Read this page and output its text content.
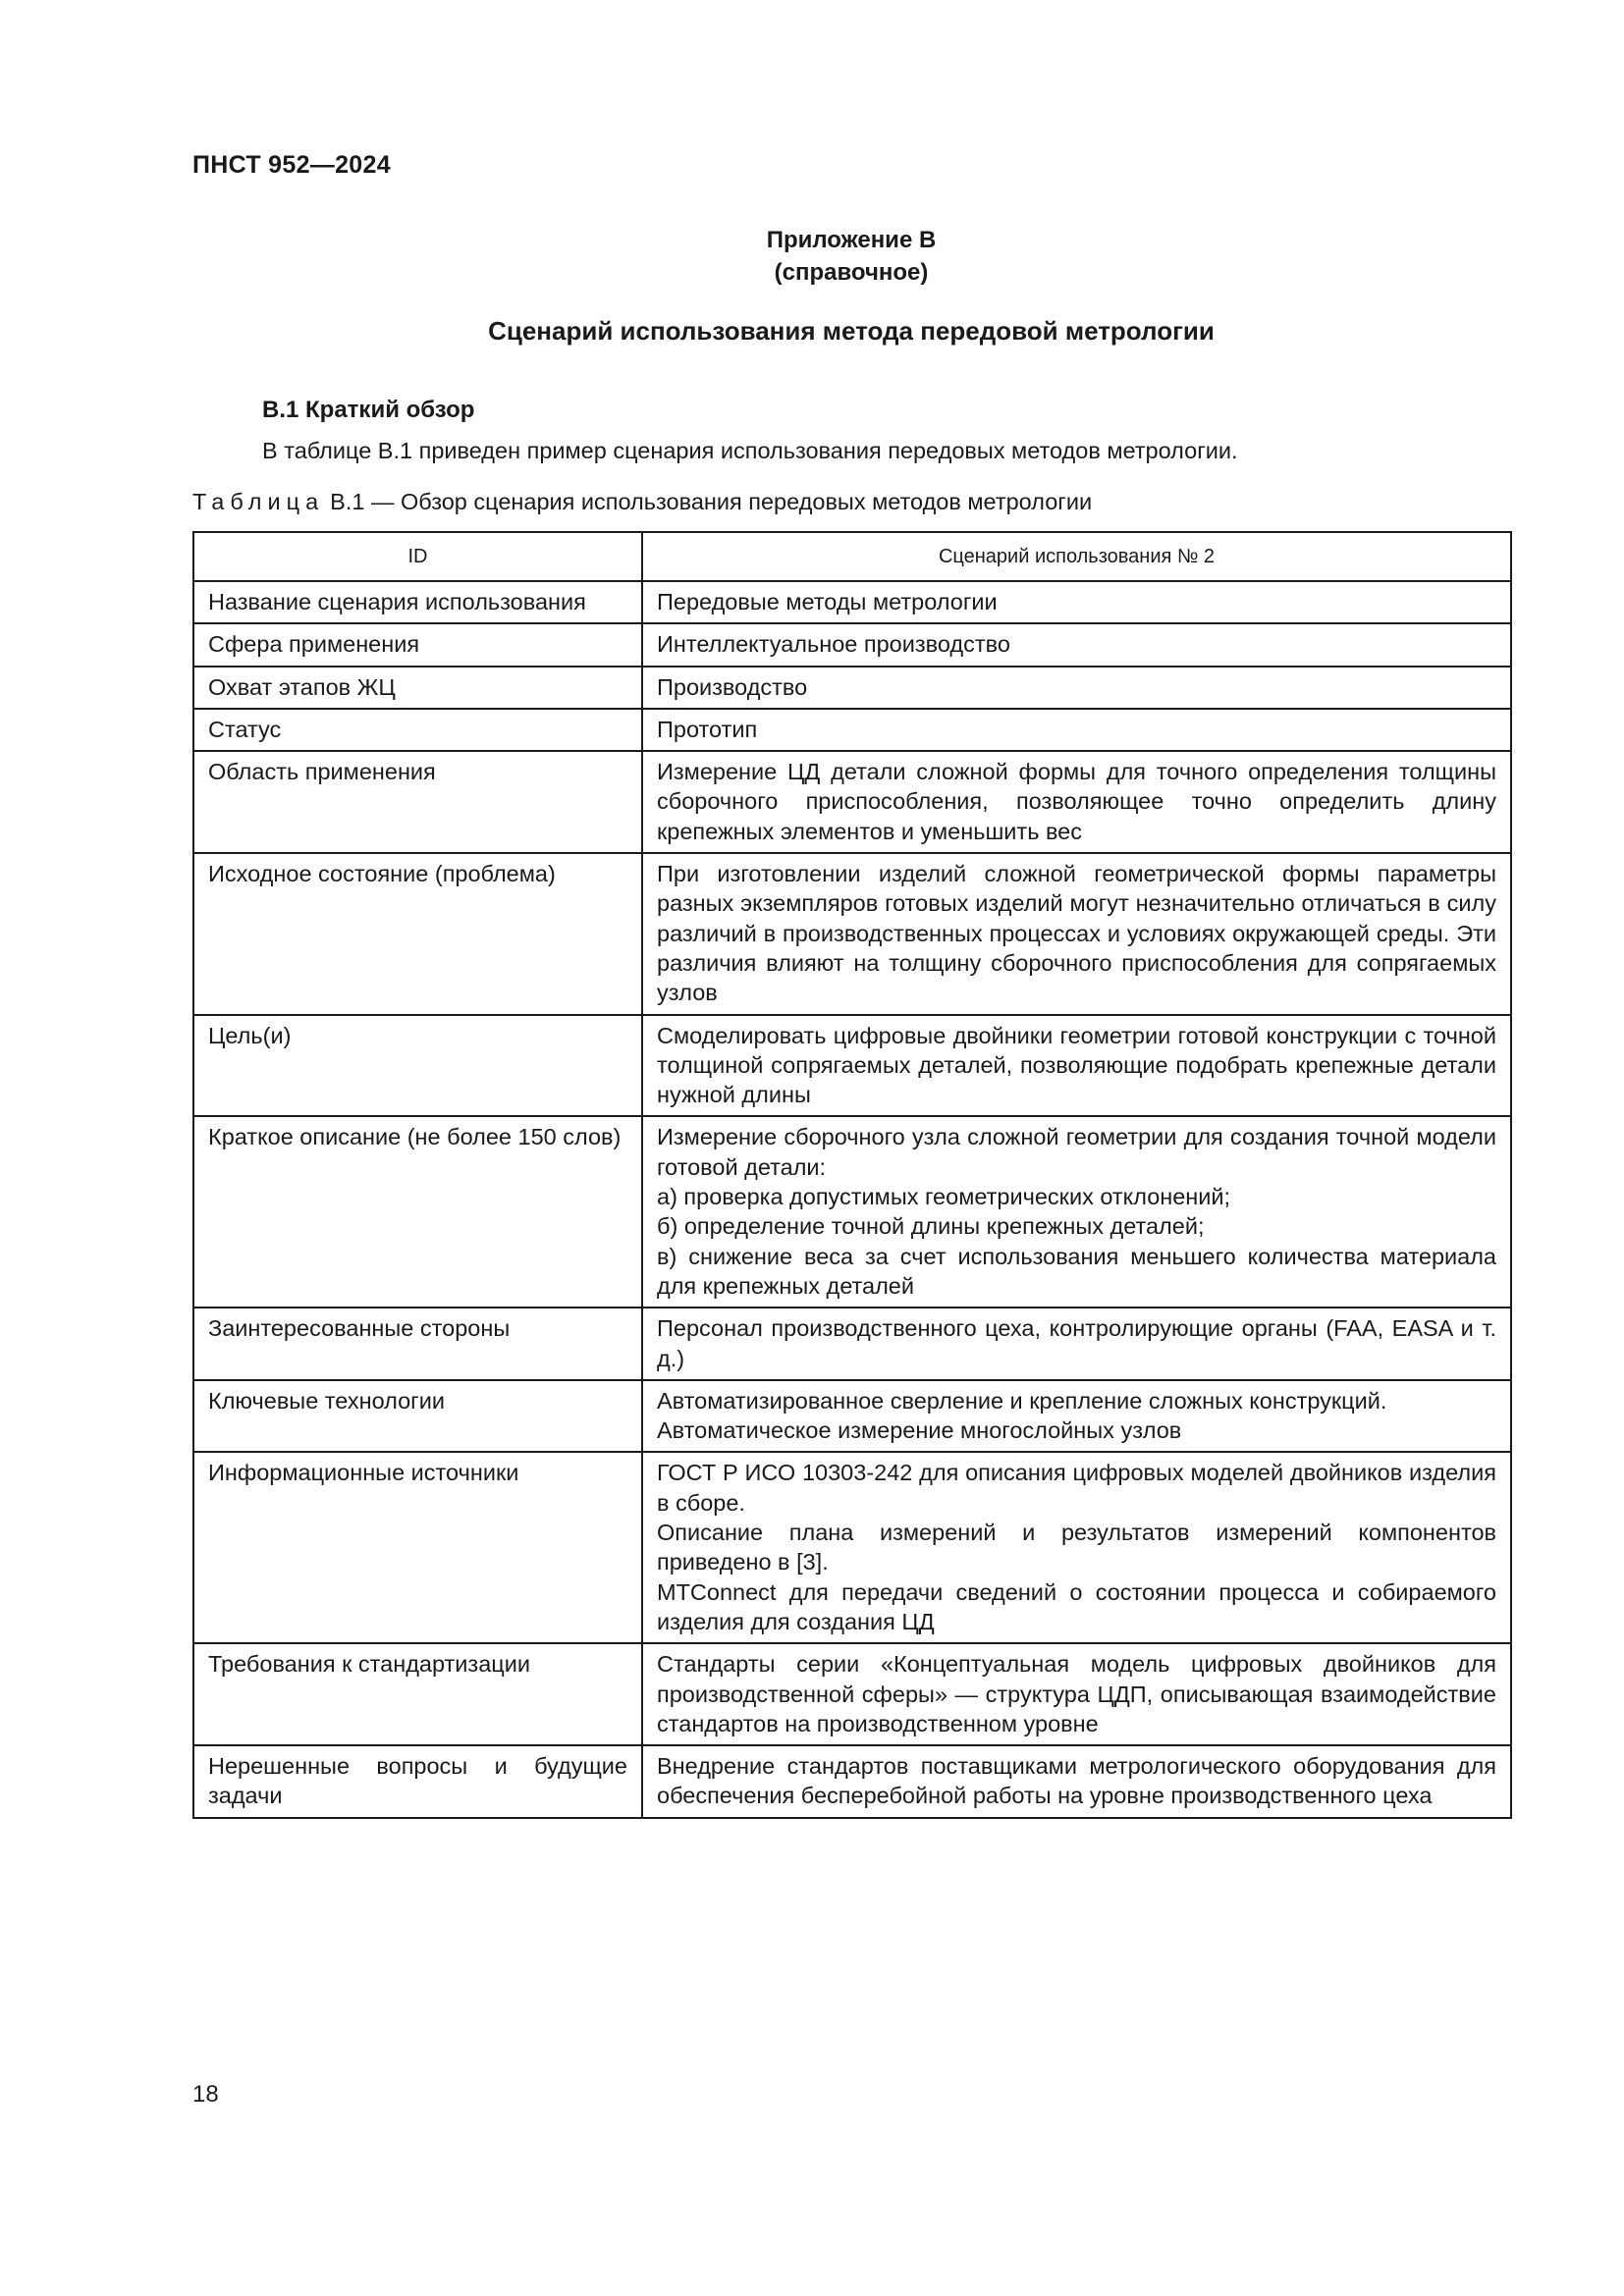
ПНСТ 952—2024
Приложение В
(справочное)
Сценарий использования метода передовой метрологии
В.1 Краткий обзор
В таблице В.1 приведен пример сценария использования передовых методов метрологии.
Таблица В.1 — Обзор сценария использования передовых методов метрологии
ID	Сценарий использования № 2
Название сценария использования	Передовые методы метрологии
Сфера применения	Интеллектуальное производство
Охват этапов ЖЦ	Производство
Статус	Прототип
Область применения	Измерение ЦД детали сложной формы для точного определения толщины сборочного приспособления, позволяющее точно определить длину крепежных элементов и уменьшить вес
Исходное состояние (проблема)	При изготовлении изделий сложной геометрической формы параметры разных экземпляров готовых изделий могут незначительно отличаться в силу различий в производственных процессах и условиях окружающей среды. Эти различия влияют на толщину сборочного приспособления для сопрягаемых узлов
Цель(и)	Смоделировать цифровые двойники геометрии готовой конструкции с точной толщиной сопрягаемых деталей, позволяющие подобрать крепежные детали нужной длины
Краткое описание (не более 150 слов)	Измерение сборочного узла сложной геометрии для создания точной модели готовой детали:
а) проверка допустимых геометрических отклонений;
б) определение точной длины крепежных деталей;
в) снижение веса за счет использования меньшего количества материала для крепежных деталей

Заинтересованные стороны	Персонал производственного цеха, контролирующие органы (FAA, EASA и т. д.)
Ключевые технологии	Автоматизированное сверление и крепление сложных конструкций.
Автоматическое измерение многослойных узлов

Информационные источники	ГОСТ Р ИСО 10303-242 для описания цифровых моделей двойников изделия в сборе.
Описание плана измерений и результатов измерений компонентов приведено в [3].
MTConnect для передачи сведений о состоянии процесса и собираемого изделия для создания ЦД

Требования к стандартизации	Стандарты серии «Концептуальная модель цифровых двойников для производственной сферы» — структура ЦДП, описывающая взаимодействие стандартов на производственном уровне
Нерешенные вопросы и будущие задачи	Внедрение стандартов поставщиками метрологического оборудования для обеспечения бесперебойной работы на уровне производственного цеха
18
